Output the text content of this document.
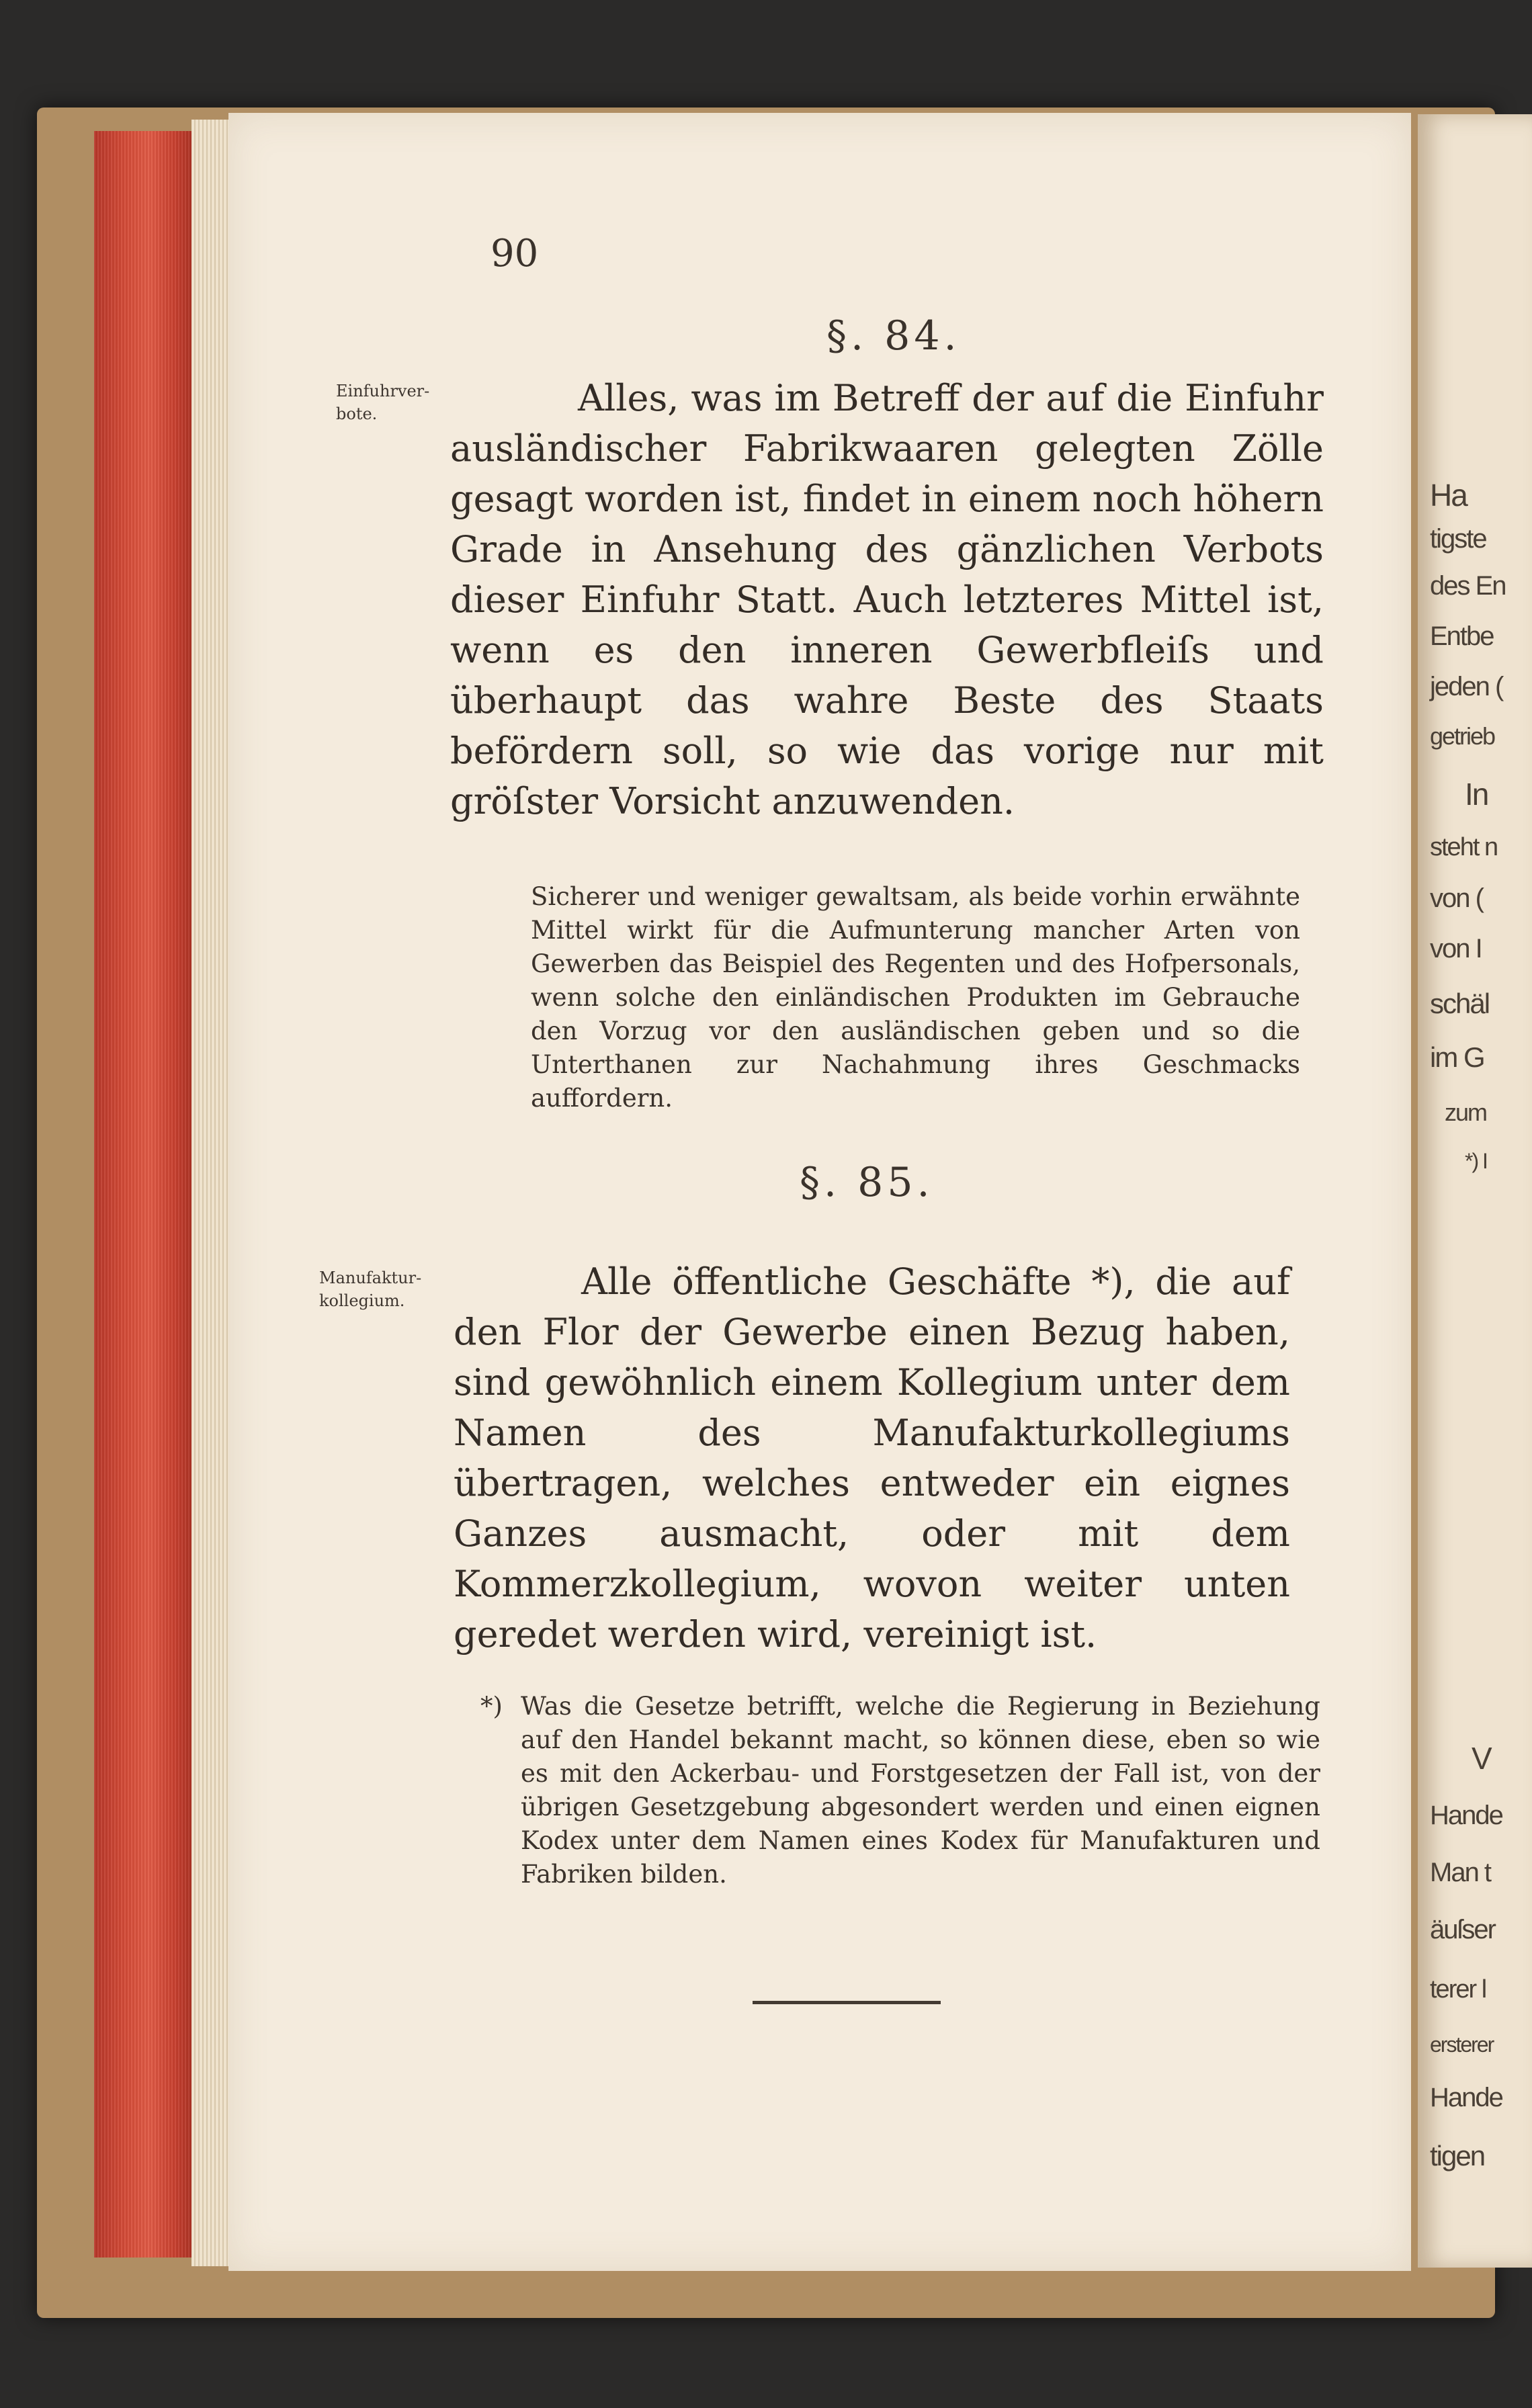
Ha
tigste
des En
Entbe
jeden (
getrieb
In
steht n
von (
von I
schäl
im G
zum
*) I
V
Hande
Man t
äuſser
terer l
ersterer
Hande
tigen
90
§. 84.
Einfuhrver- bote.	Alles, was im Betreff der auf die Einfuhr ausländischer Fabrikwaaren gelegten Zölle gesagt worden ist, findet in einem noch höhern Grade in Ansehung des gänzlichen Verbots dieser Einfuhr Statt. Auch letzteres Mittel ist, wenn es den inneren Gewerbfleiſs und überhaupt das wahre Beste des Staats befördern soll, so wie das vorige nur mit gröſster Vorsicht anzuwenden.

Sicherer und weniger gewaltsam, als beide vorhin erwähnte Mittel wirkt für die Aufmunterung mancher Arten von Gewerben das Beispiel des Regenten und des Hofpersonals, wenn solche den einländischen Produkten im Gebrauche den Vorzug vor den ausländischen geben und so die Unterthanen zur Nachahmung ihres Geschmacks auffordern.

§. 85.
Manufaktur- kollegium.	Alle öffentliche Geschäfte *), die auf den Flor der Gewerbe einen Bezug haben, sind gewöhnlich einem Kollegium unter dem Namen des Manufakturkollegiums übertragen, welches entweder ein eignes Ganzes ausmacht, oder mit dem Kommerzkollegium, wovon weiter unten geredet werden wird, vereinigt ist.

*) Was die Gesetze betrifft, welche die Regierung in Beziehung auf den Handel bekannt macht, so können diese, eben so wie es mit den Ackerbau- und Forstgesetzen der Fall ist, von der übrigen Gesetzgebung abgesondert werden und einen eignen Kodex unter dem Namen eines Kodex für Manufakturen und Fabriken bilden.
